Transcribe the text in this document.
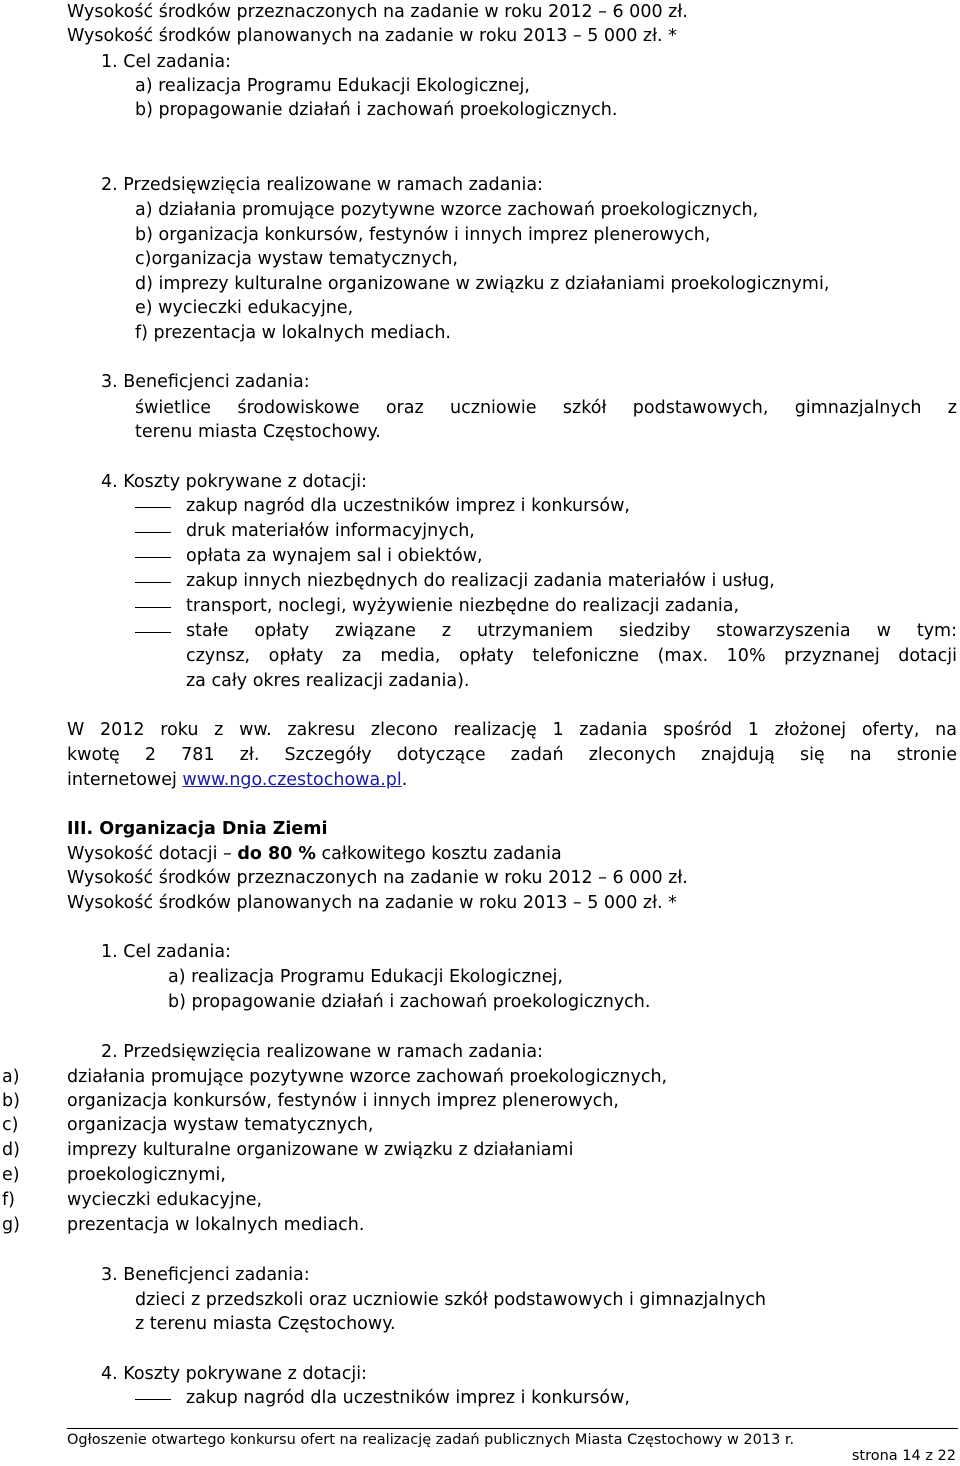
Wysokość środków przeznaczonych na zadanie w roku 2012 – 6 000 zł.
Wysokość środków planowanych na zadanie w roku 2013 – 5 000 zł. *
1. Cel zadania:
a) realizacja Programu Edukacji Ekologicznej,
b) propagowanie działań i zachowań proekologicznych.
2. Przedsięwzięcia realizowane w ramach zadania:
a) działania promujące pozytywne wzorce zachowań proekologicznych,
b) organizacja konkursów, festynów i innych imprez plenerowych,
c)organizacja wystaw tematycznych,
d) imprezy kulturalne organizowane w związku z działaniami proekologicznymi,
e) wycieczki edukacyjne,
f) prezentacja w lokalnych mediach.
3. Beneficjenci zadania:
świetlice środowiskowe oraz uczniowie szkół podstawowych, gimnazjalnych z
terenu miasta Częstochowy.
4. Koszty pokrywane z dotacji:
zakup nagród dla uczestników imprez i konkursów,
druk materiałów informacyjnych,
opłata za wynajem sal i obiektów,
zakup innych niezbędnych do realizacji zadania materiałów i usług,
transport, noclegi, wyżywienie niezbędne do realizacji zadania,
stałe opłaty związane z utrzymaniem siedziby stowarzyszenia w tym:
czynsz, opłaty za media, opłaty telefoniczne (max. 10% przyznanej dotacji
za cały okres realizacji zadania).
W 2012 roku z ww. zakresu zlecono realizację 1 zadania spośród 1 złożonej oferty, na
kwotę 2 781 zł. Szczegóły dotyczące zadań zleconych znajdują się na stronie
internetowej www.ngo.czestochowa.pl.
III. Organizacja Dnia Ziemi
Wysokość dotacji – do 80 % całkowitego kosztu zadania
Wysokość środków przeznaczonych na zadanie w roku 2012 – 6 000 zł.
Wysokość środków planowanych na zadanie w roku 2013 – 5 000 zł. *
1. Cel zadania:
a) realizacja Programu Edukacji Ekologicznej,
b) propagowanie działań i zachowań proekologicznych.
2. Przedsięwzięcia realizowane w ramach zadania:
a)	działania promujące pozytywne wzorce zachowań proekologicznych,
b)	organizacja konkursów, festynów i innych imprez plenerowych,
c)	organizacja wystaw tematycznych,
d)	imprezy kulturalne organizowane w związku z działaniami
e)	proekologicznymi,
f)	wycieczki edukacyjne,
g)	prezentacja w lokalnych mediach.
3. Beneficjenci zadania:
dzieci z przedszkoli oraz uczniowie szkół podstawowych i gimnazjalnych
z terenu miasta Częstochowy.
4. Koszty pokrywane z dotacji:
zakup nagród dla uczestników imprez i konkursów,
Ogłoszenie otwartego konkursu ofert na realizację zadań publicznych Miasta Częstochowy w 2013 r.
strona 14 z 22
